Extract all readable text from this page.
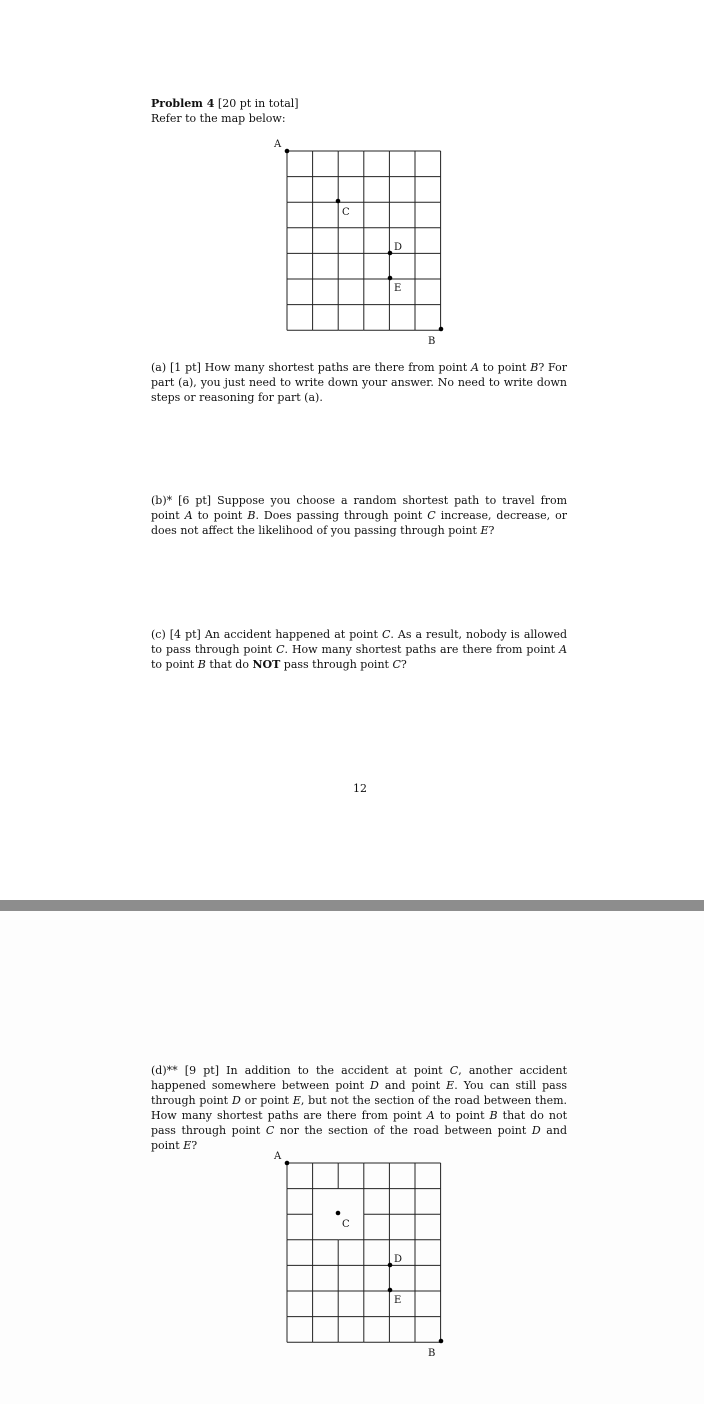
Problem 4 [20 pt in total]
Refer to the map below:
A
B
C
D
E
(a) [1 pt] How many shortest paths are there from point A to point B? For part (a), you just need to write down your answer. No need to write down steps or reasoning for part (a).
(b)* [6 pt] Suppose you choose a random shortest path to travel from point A to point B. Does passing through point C increase, decrease, or does not affect the likelihood of you passing through point E?
(c) [4 pt] An accident happened at point C. As a result, nobody is allowed to pass through point C. How many shortest paths are there from point A to point B that do NOT pass through point C?
12
(d)** [9 pt] In addition to the accident at point C, another accident happened somewhere between point D and point E. You can still pass through point D or point E, but not the section of the road between them. How many shortest paths are there from point A to point B that do not pass through point C nor the section of the road between point D and point E?
A
B
C
D
E
